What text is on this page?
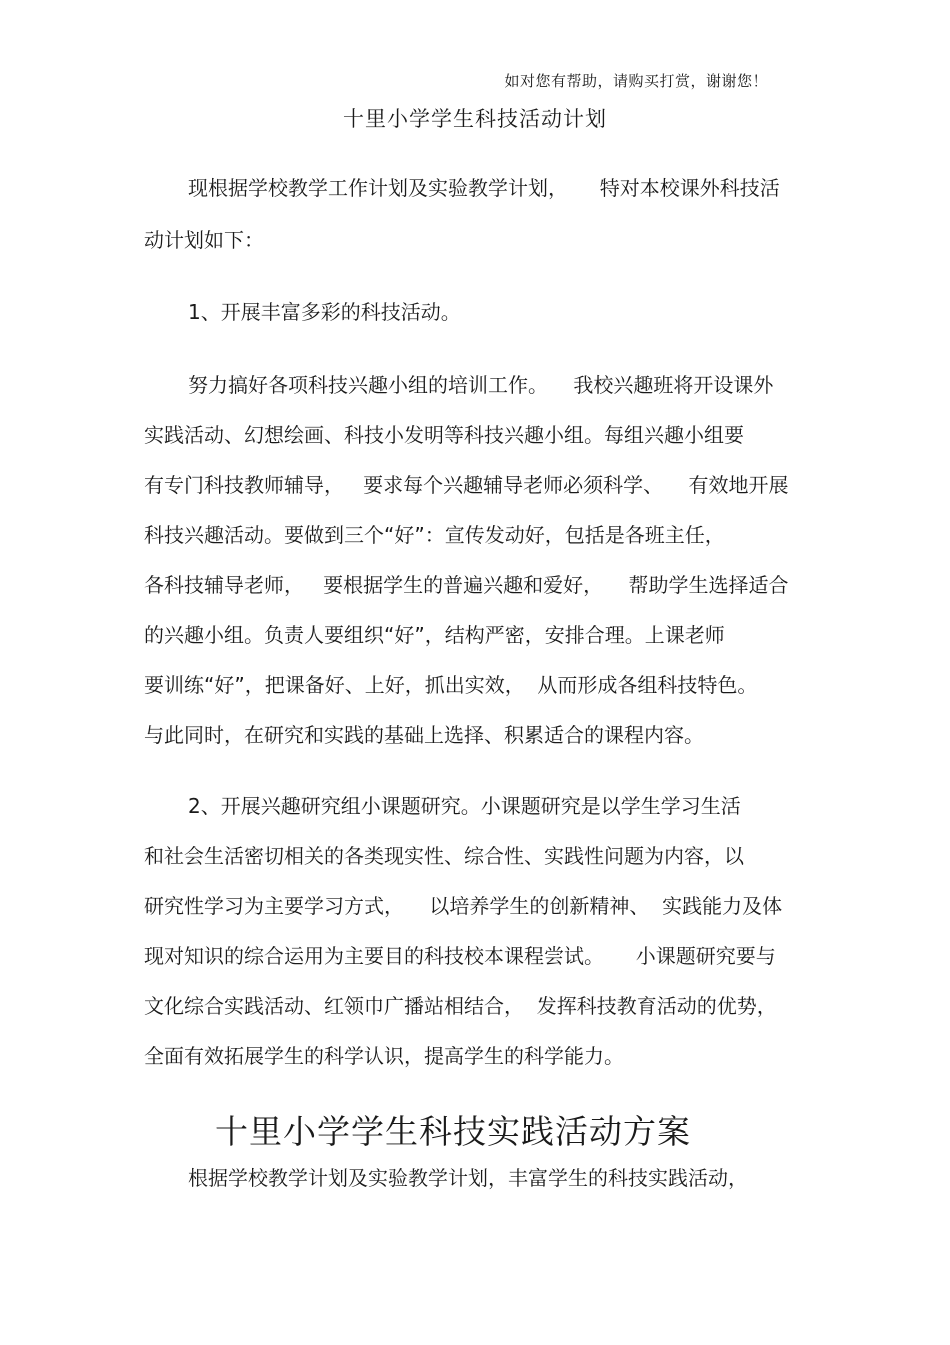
如对您有帮助，请购买打赏，谢谢您！
十里小学学生科技活动计划
现根据学校教学工作计划及实验教学计划，     特对本校课外科技活
动计划如下：
1、开展丰富多彩的科技活动。
努力搞好各项科技兴趣小组的培训工作。    我校兴趣班将开设课外
实践活动、幻想绘画、科技小发明等科技兴趣小组。每组兴趣小组要
有专门科技教师辅导，   要求每个兴趣辅导老师必须科学、    有效地开展
科技兴趣活动。要做到三个“好”：宣传发动好，包括是各班主任，
各科技辅导老师，   要根据学生的普遍兴趣和爱好，    帮助学生选择适合
的兴趣小组。负责人要组织“好”，结构严密，安排合理。上课老师
要训练“好”，把课备好、上好，抓出实效，  从而形成各组科技特色。
与此同时，在研究和实践的基础上选择、积累适合的课程内容。
2、开展兴趣研究组小课题研究。小课题研究是以学生学习生活
和社会生活密切相关的各类现实性、综合性、实践性问题为内容，以
研究性学习为主要学习方式，    以培养学生的创新精神、  实践能力及体
现对知识的综合运用为主要目的科技校本课程尝试。     小课题研究要与
文化综合实践活动、红领巾广播站相结合，  发挥科技教育活动的优势，
全面有效拓展学生的科学认识，提高学生的科学能力。
十里小学学生科技实践活动方案
根据学校教学计划及实验教学计划，丰富学生的科技实践活动，
